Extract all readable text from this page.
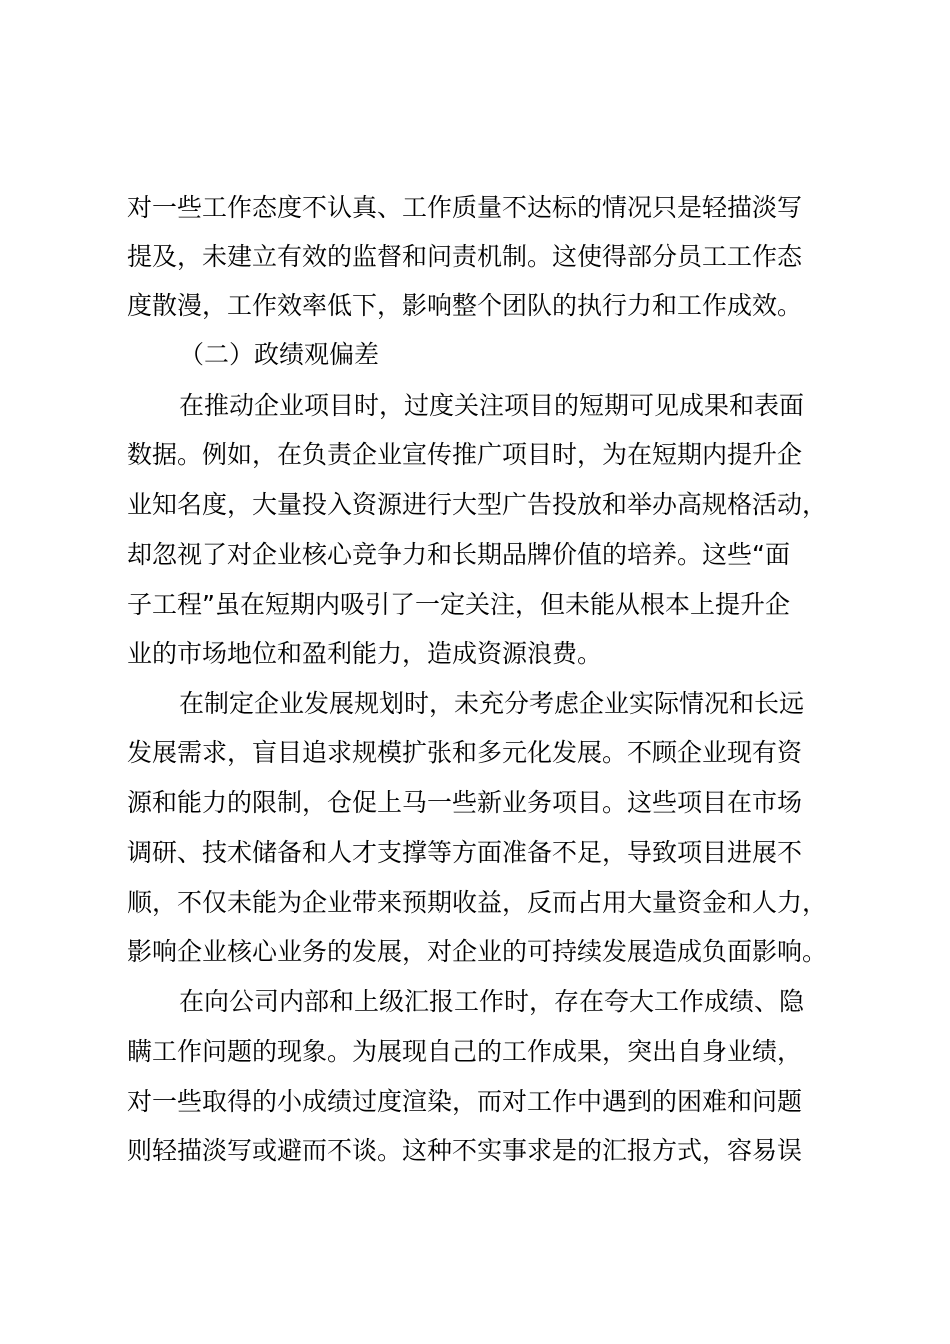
对一些工作态度不认真、工作质量不达标的情况只是轻描淡写
提及，未建立有效的监督和问责机制。这使得部分员工工作态
度散漫，工作效率低下，影响整个团队的执行力和工作成效。
（二）政绩观偏差
在推动企业项目时，过度关注项目的短期可见成果和表面
数据。例如，在负责企业宣传推广项目时，为在短期内提升企
业知名度，大量投入资源进行大型广告投放和举办高规格活动，
却忽视了对企业核心竞争力和长期品牌价值的培养。这些“面
子工程”虽在短期内吸引了一定关注，但未能从根本上提升企
业的市场地位和盈利能力，造成资源浪费。
在制定企业发展规划时，未充分考虑企业实际情况和长远
发展需求，盲目追求规模扩张和多元化发展。不顾企业现有资
源和能力的限制，仓促上马一些新业务项目。这些项目在市场
调研、技术储备和人才支撑等方面准备不足，导致项目进展不
顺，不仅未能为企业带来预期收益，反而占用大量资金和人力，
影响企业核心业务的发展，对企业的可持续发展造成负面影响。
在向公司内部和上级汇报工作时，存在夸大工作成绩、隐
瞒工作问题的现象。为展现自己的工作成果，突出自身业绩，
对一些取得的小成绩过度渲染，而对工作中遇到的困难和问题
则轻描淡写或避而不谈。这种不实事求是的汇报方式，容易误
